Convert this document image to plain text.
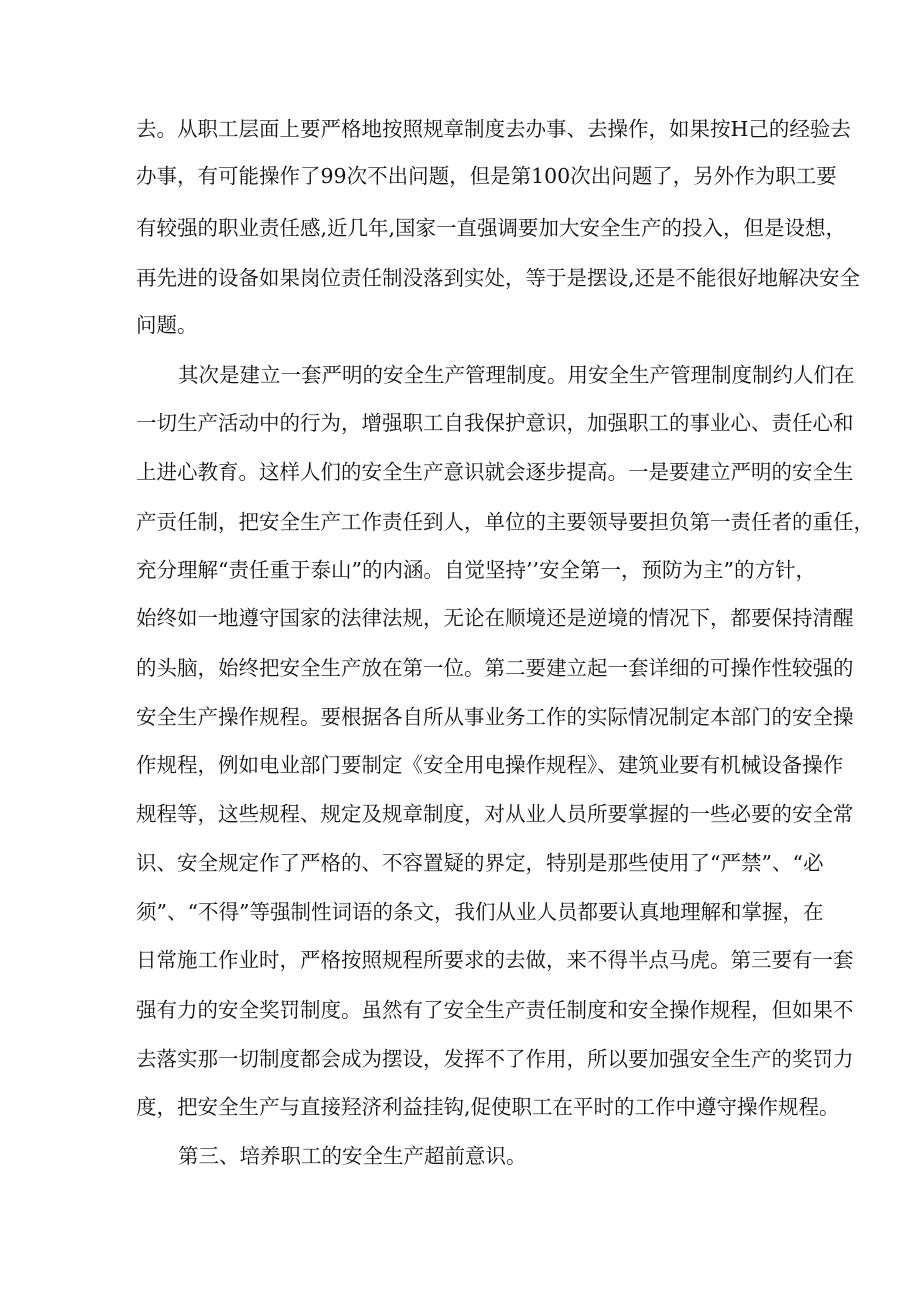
去。从职工层面上要严格地按照规章制度去办事、去操作，如果按H己的经验去

办事，有可能操作了99次不出问题，但是第100次出问题了，另外作为职工要

有较强的职业责任感,近几年,国家一直强调要加大安全生产的投入，但是设想，

再先进的设备如果岗位责任制没落到实处，等于是摆设,还是不能很好地解决安全

问题。

其次是建立一套严明的安全生产管理制度。用安全生产管理制度制约人们在

一切生产活动中的行为，增强职工自我保护意识，加强职工的事业心、责任心和

上进心教育。这样人们的安全生产意识就会逐步提高。一是要建立严明的安全生

产贡任制，把安全生产工作责任到人，单位的主要领导要担负第一责任者的重任，

充分理解“责任重于泰山”的内涵。自觉坚持’’安全第一，预防为主”的方针，

始终如一地遵守国家的法律法规，无论在顺境还是逆境的情况下，都要保持清醒

的头脑，始终把安全生产放在第一位。第二要建立起一套详细的可操作性较强的

安全生产操作规程。要根据各自所从事业务工作的实际情况制定本部门的安全操

作规程，例如电业部门要制定《安全用电操作规程》、建筑业要有机械设备操作

规程等，这些规程、规定及规章制度，对从业人员所要掌握的一些必要的安全常

识、安全规定作了严格的、不容置疑的界定，特别是那些使用了“严禁”、“必

须”、“不得”等强制性词语的条文，我们从业人员都要认真地理解和掌握，在

日常施工作业时，严格按照规程所要求的去做，来不得半点马虎。第三要有一套

强有力的安全奖罚制度。虽然有了安全生产责任制度和安全操作规程，但如果不

去落实那一切制度都会成为摆设，发挥不了作用，所以要加强安全生产的奖罚力

度，把安全生产与直接羟济利益挂钩,促使职工在平时的工作中遵守操作规程。

第三、培养职工的安全生产超前意识。
